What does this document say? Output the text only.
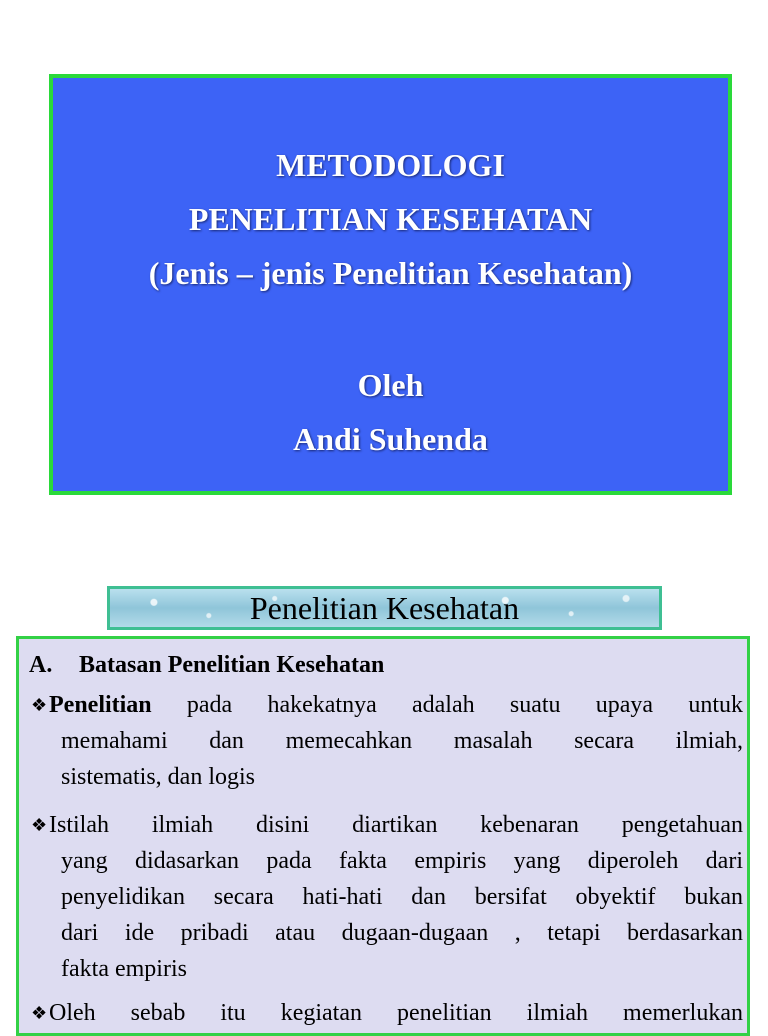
METODOLOGI
PENELITIAN KESEHATAN
(Jenis – jenis Penelitian Kesehatan)
Oleh
Andi Suhenda
Penelitian Kesehatan
A. Batasan Penelitian Kesehatan
❖ Penelitian pada hakekatnya adalah suatu upaya untuk
memahami dan memecahkan masalah secara ilmiah,
sistematis, dan logis
❖ Istilah ilmiah disini diartikan kebenaran pengetahuan
yang didasarkan pada fakta empiris yang diperoleh dari
penyelidikan secara hati-hati dan bersifat obyektif bukan
dari ide pribadi atau dugaan-dugaan , tetapi berdasarkan
fakta empiris
❖ Oleh sebab itu kegiatan penelitian ilmiah memerlukan
